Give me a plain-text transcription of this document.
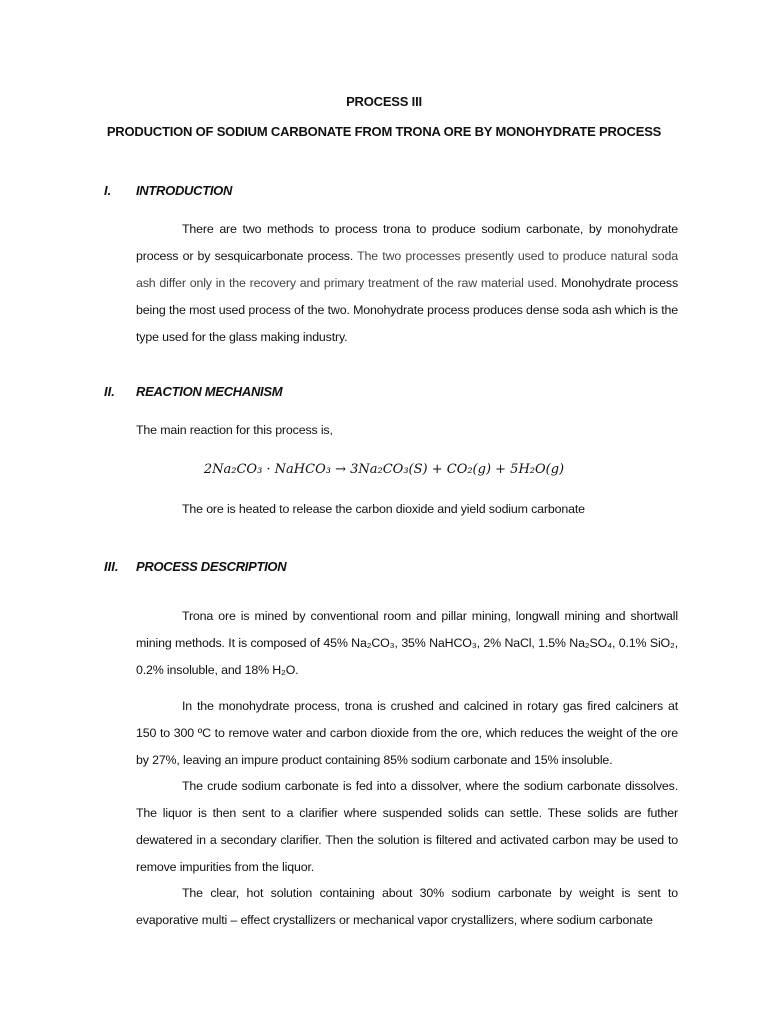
PROCESS III
PRODUCTION OF SODIUM CARBONATE FROM TRONA ORE BY MONOHYDRATE PROCESS
I. INTRODUCTION
There are two methods to process trona to produce sodium carbonate, by monohydrate process or by sesquicarbonate process. The two processes presently used to produce natural soda ash differ only in the recovery and primary treatment of the raw material used. Monohydrate process being the most used process of the two. Monohydrate process produces dense soda ash which is the type used for the glass making industry.
II. REACTION MECHANISM
The main reaction for this process is,
2Na₂CO₃ · NaHCO₃ → 3Na₂CO₃(S) + CO₂(g) + 5H₂O(g)
The ore is heated to release the carbon dioxide and yield sodium carbonate
III. PROCESS DESCRIPTION
Trona ore is mined by conventional room and pillar mining, longwall mining and shortwall mining methods. It is composed of 45% Na₂CO₃, 35% NaHCO₃, 2% NaCl, 1.5% Na₂SO₄, 0.1% SiO₂, 0.2% insoluble, and 18% H₂O.
In the monohydrate process, trona is crushed and calcined in rotary gas fired calciners at 150 to 300 ºC to remove water and carbon dioxide from the ore, which reduces the weight of the ore by 27%, leaving an impure product containing 85% sodium carbonate and 15% insoluble.
The crude sodium carbonate is fed into a dissolver, where the sodium carbonate dissolves. The liquor is then sent to a clarifier where suspended solids can settle. These solids are futher dewatered in a secondary clarifier. Then the solution is filtered and activated carbon may be used to remove impurities from the liquor.
The clear, hot solution containing about 30% sodium carbonate by weight is sent to evaporative multi – effect crystallizers or mechanical vapor crystallizers, where sodium carbonate
